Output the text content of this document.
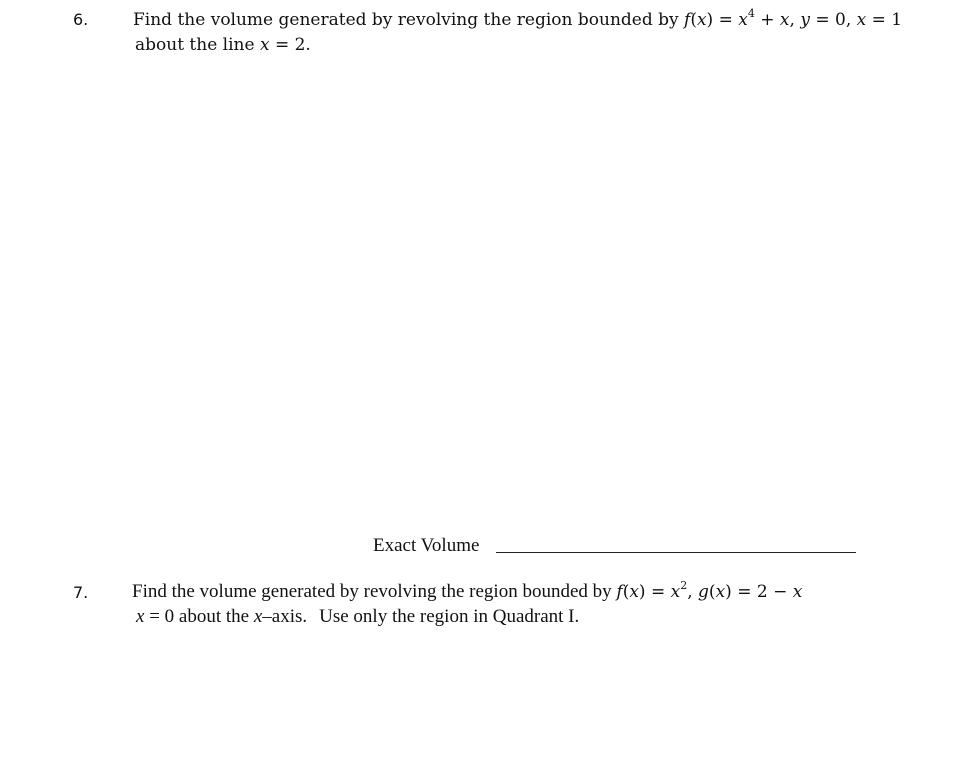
6.	Find the volume generated by revolving the region bounded by $f(x) = x^4 + x$, y = 0, x = 1
about the line x = 2.
Exact Volume
7. Find the volume generated by revolving the region bounded by $f(x) = x^2$, g(x) = 2 − x
x = 0 about the x–axis. Use only the region in Quadrant I.
